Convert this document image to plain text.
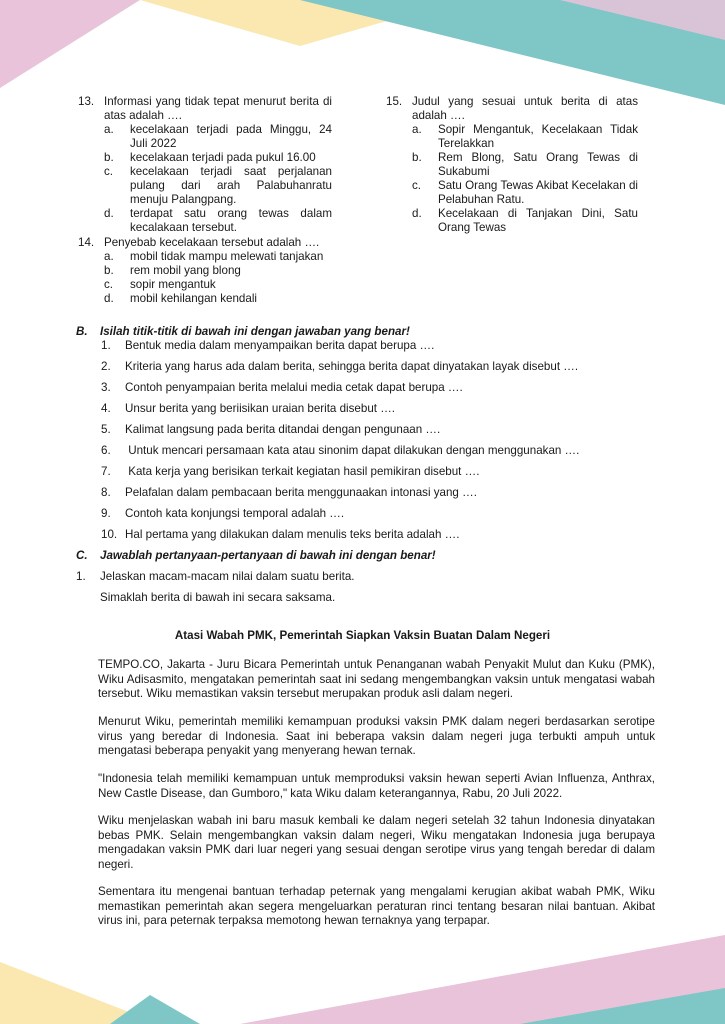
13. Informasi yang tidak tepat menurut berita di atas adalah ….
a. kecelakaan terjadi pada Minggu, 24 Juli 2022
b. kecelakaan terjadi pada pukul 16.00
c. kecelakaan terjadi saat perjalanan pulang dari arah Palabuhanratu menuju Palangpang.
d. terdapat satu orang tewas dalam kecalakaan tersebut.
14. Penyebab kecelakaan tersebut adalah ….
a. mobil tidak mampu melewati tanjakan
b. rem mobil yang blong
c. sopir mengantuk
d. mobil kehilangan kendali
15. Judul yang sesuai untuk berita di atas adalah ….
a. Sopir Mengantuk, Kecelakaan Tidak Terelakkan
b. Rem Blong, Satu Orang Tewas di Sukabumi
c. Satu Orang Tewas Akibat Kecelakan di Pelabuhan Ratu.
d. Kecelakaan di Tanjakan Dini, Satu Orang Tewas
B. Isilah titik-titik di bawah ini dengan jawaban yang benar!
1. Bentuk media dalam menyampaikan berita dapat berupa ….
2. Kriteria yang harus ada dalam berita, sehingga berita dapat dinyatakan layak disebut ….
3. Contoh penyampaian berita melalui media cetak dapat berupa ….
4. Unsur berita yang beriisikan uraian berita disebut ….
5. Kalimat langsung pada berita ditandai dengan pengunaan ….
6. Untuk mencari persamaan kata atau sinonim dapat dilakukan dengan menggunakan ….
7. Kata kerja yang berisikan terkait kegiatan hasil pemikiran disebut ….
8. Pelafalan dalam pembacaan berita menggunaakan intonasi yang ….
9. Contoh kata konjungsi temporal adalah ….
10. Hal pertama yang dilakukan dalam menulis teks berita adalah ….
C. Jawablah pertanyaan-pertanyaan di bawah ini dengan benar!
1. Jelaskan macam-macam nilai dalam suatu berita.
Simaklah berita di bawah ini secara saksama.
Atasi Wabah PMK, Pemerintah Siapkan Vaksin Buatan Dalam Negeri
TEMPO.CO, Jakarta - Juru Bicara Pemerintah untuk Penanganan wabah Penyakit Mulut dan Kuku (PMK), Wiku Adisasmito, mengatakan pemerintah saat ini sedang mengembangkan vaksin untuk mengatasi wabah tersebut. Wiku memastikan vaksin tersebut merupakan produk asli dalam negeri.
Menurut Wiku, pemerintah memiliki kemampuan produksi vaksin PMK dalam negeri berdasarkan serotipe virus yang beredar di Indonesia. Saat ini beberapa vaksin dalam negeri juga terbukti ampuh untuk mengatasi beberapa penyakit yang menyerang hewan ternak.
"Indonesia telah memiliki kemampuan untuk memproduksi vaksin hewan seperti Avian Influenza, Anthrax, New Castle Disease, dan Gumboro," kata Wiku dalam keterangannya, Rabu, 20 Juli 2022.
Wiku menjelaskan wabah ini baru masuk kembali ke dalam negeri setelah 32 tahun Indonesia dinyatakan bebas PMK. Selain mengembangkan vaksin dalam negeri, Wiku mengatakan Indonesia juga berupaya mengadakan vaksin PMK dari luar negeri yang sesuai dengan serotipe virus yang tengah beredar di dalam negeri.
Sementara itu mengenai bantuan terhadap peternak yang mengalami kerugian akibat wabah PMK, Wiku memastikan pemerintah akan segera mengeluarkan peraturan rinci tentang besaran nilai bantuan. Akibat virus ini, para peternak terpaksa memotong hewan ternaknya yang terpapar.
